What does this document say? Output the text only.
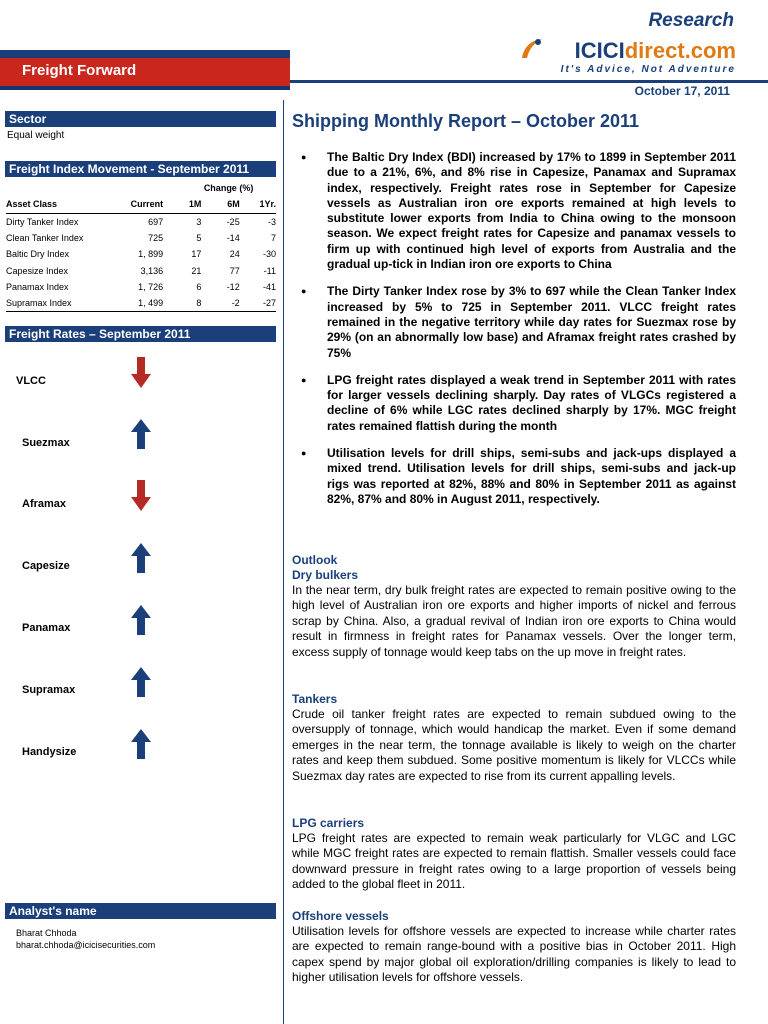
Freight Forward
Research
ICICIdirect.com
It's Advice, Not Adventure
October 17, 2011
Sector
Equal weight
Freight Index Movement - September 2011
		Change (%)		
Asset Class	Current	1M	6M	1Yr.
Dirty Tanker Index	697	3	-25	-3
Clean Tanker Index	725	5	-14	7
Baltic Dry Index	1, 899	17	24	-30
Capesize Index	3,136	21	77	-11
Panamax Index	1, 726	6	-12	-41
Supramax Index	1, 499	8	-2	-27
Freight Rates – September 2011
VLCC
Suezmax
Aframax
Capesize
Panamax
Supramax
Handysize
Analyst's name
Bharat Chhoda
bharat.chhoda@icicisecurities.com
Shipping Monthly Report – October 2011
● The Baltic Dry Index (BDI) increased by 17% to 1899 in September 2011 due to a 21%, 6%, and 8% rise in Capesize, Panamax and Supramax index, respectively. Freight rates rose in September for Capesize vessels as Australian iron ore exports remained at high levels to substitute lower exports from India to China owing to the monsoon season. We expect freight rates for Capesize and panamax vessels to firm up with continued high level of exports from Australia and the gradual up-tick in Indian iron ore exports to China
● The Dirty Tanker Index rose by 3% to 697 while the Clean Tanker Index increased by 5% to 725 in September 2011. VLCC freight rates remained in the negative territory while day rates for Suezmax rose by 29% (on an abnormally low base) and Aframax freight rates crashed by 75%
● LPG freight rates displayed a weak trend in September 2011 with rates for larger vessels declining sharply. Day rates of VLGCs registered a decline of 6% while LGC rates declined sharply by 17%. MGC freight rates remained flattish during the month
● Utilisation levels for drill ships, semi-subs and jack-ups displayed a mixed trend. Utilisation levels for drill ships, semi-subs and jack-up rigs was reported at 82%, 88% and 80% in September 2011 as against 82%, 87% and 80% in August 2011, respectively.
Outlook
Dry bulkers
In the near term, dry bulk freight rates are expected to remain positive owing to the high level of Australian iron ore exports and higher imports of nickel and ferrous scrap by China. Also, a gradual revival of Indian iron ore exports to China would result in firmness in freight rates for Panamax vessels. Over the longer term, excess supply of tonnage would keep tabs on the up move in freight rates.
Tankers
Crude oil tanker freight rates are expected to remain subdued owing to the oversupply of tonnage, which would handicap the market. Even if some demand emerges in the near term, the tonnage available is likely to weigh on the charter rates and keep them subdued. Some positive momentum is likely for VLCCs while Suezmax day rates are expected to rise from its current appalling levels.
LPG carriers
LPG freight rates are expected to remain weak particularly for VLGC and LGC while MGC freight rates are expected to remain flattish. Smaller vessels could face downward pressure in freight rates owing to a large proportion of vessels being added to the global fleet in 2011.
Offshore vessels
Utilisation levels for offshore vessels are expected to increase while charter rates are expected to remain range-bound with a positive bias in October 2011. High capex spend by major global oil exploration/drilling companies is likely to lead to higher utilisation levels for offshore vessels.
